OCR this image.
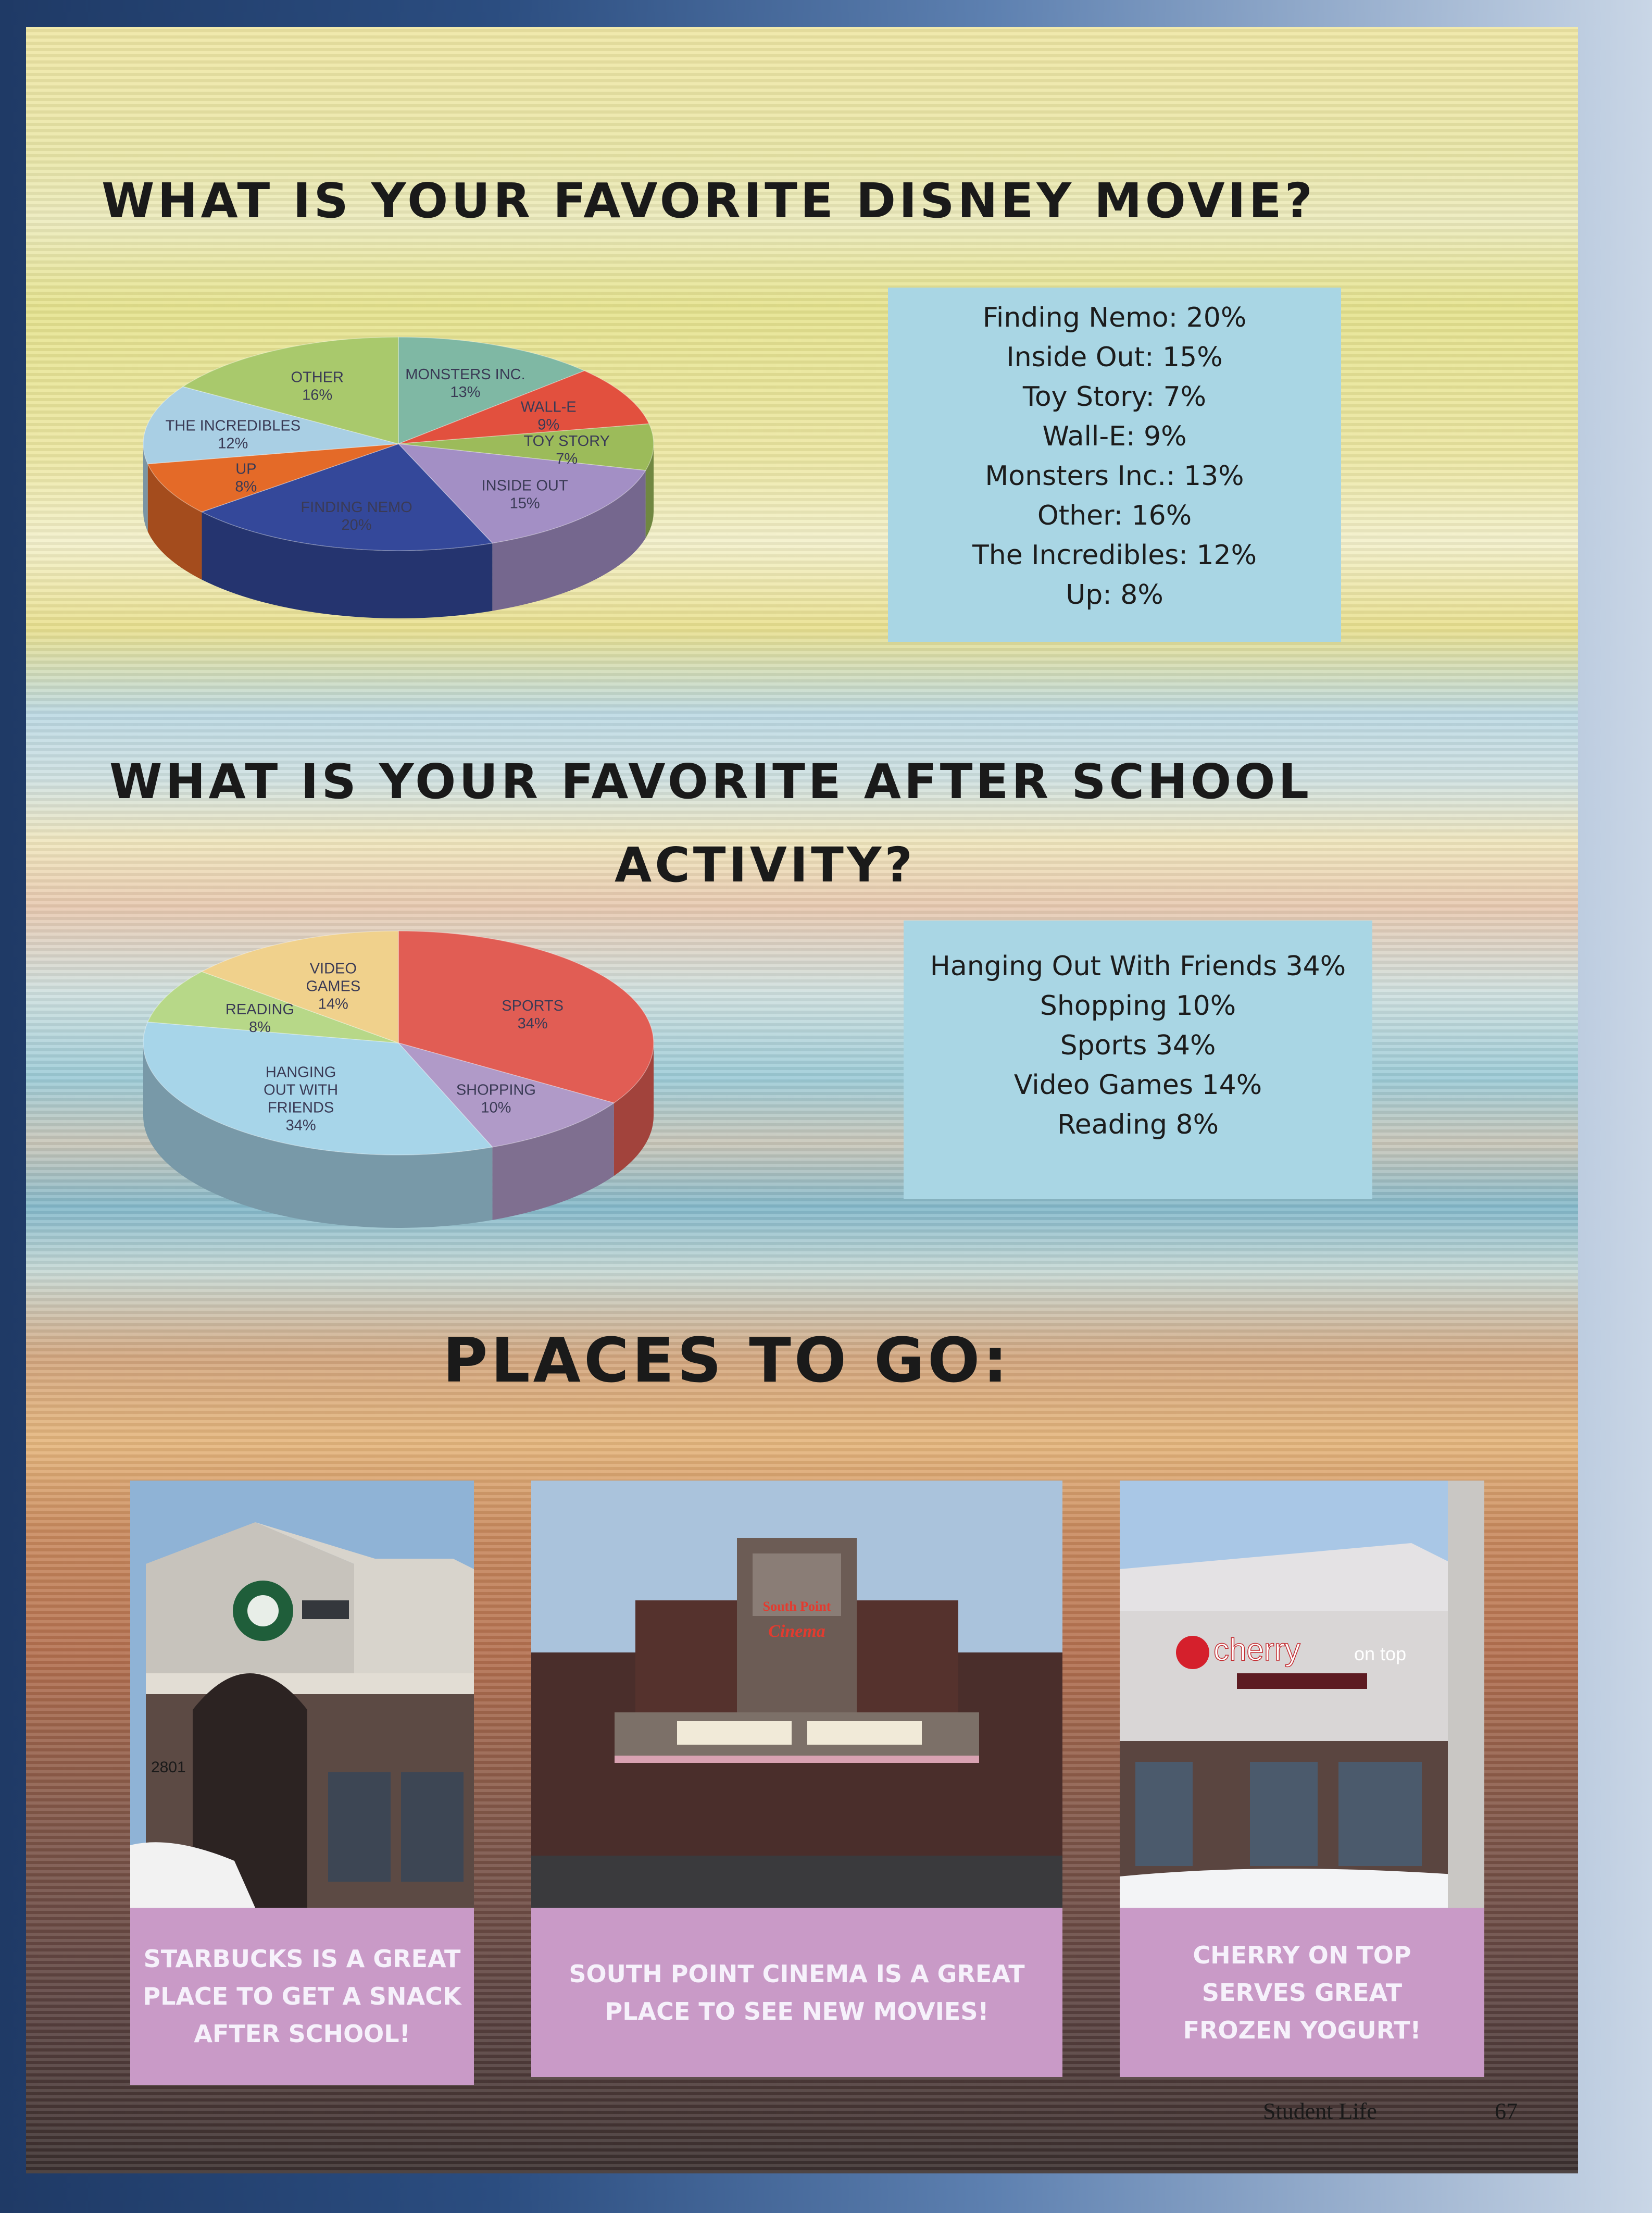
WHAT IS YOUR FAVORITE DISNEY MOVIE?
MONSTERS INC. 13%
WALL-E 9%
TOY STORY 7%
INSIDE OUT 15%
FINDING NEMO 20%
UP 8%
THE INCREDIBLES 12%
OTHER 16%
Finding Nemo: 20%
Inside Out: 15%
Toy Story: 7%
Wall-E: 9%
Monsters Inc.: 13%
Other: 16%
The Incredibles: 12%
Up: 8%
WHAT IS YOUR FAVORITE AFTER SCHOOL
ACTIVITY?
SPORTS 34%
SHOPPING 10%
HANGING OUT WITH FRIENDS 34%
READING 8%
VIDEO GAMES 14%
Hanging Out With Friends 34%
Shopping 10%
Sports 34%
Video Games 14%
Reading 8%
PLACES TO GO:
2801
South Point
Cinema
cherry	on top
STARBUCKS IS A GREAT PLACE TO GET A SNACK AFTER SCHOOL!
SOUTH POINT CINEMA IS A GREAT PLACE TO SEE NEW MOVIES!
CHERRY ON TOP SERVES GREAT FROZEN YOGURT!
Student Life	67
